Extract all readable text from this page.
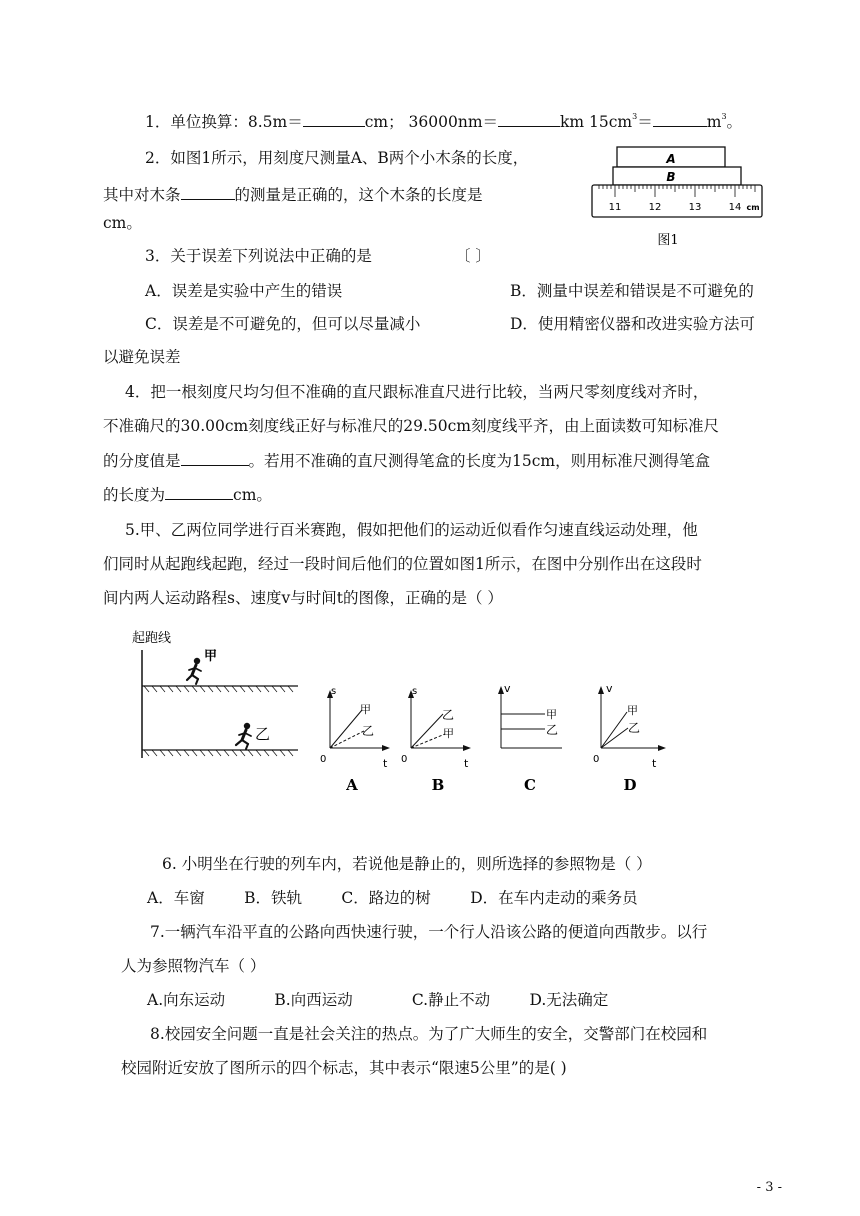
1．单位换算：8.5m＝	cm； 36000nm＝	km $15cm^3=$	$m^3$。
2．如图1所示，用刻度尺测量A、B两个小木条的长度，
其中对木条	的测量是正确的，这个木条的长度是
cm。
A
B
11	12	13	14 cm
图1
3．关于误差下列说法中正确的是	〔 〕
A．误差是实验中产生的错误	B．测量中误差和错误是不可避免的
C．误差是不可避免的，但可以尽量减小	D．使用精密仪器和改进实验方法可
以避免误差
4．把一根刻度尺均匀但不准确的直尺跟标准直尺进行比较，当两尺零刻度线对齐时，
不准确尺的30.00cm刻度线正好与标准尺的29.50cm刻度线平齐，由上面读数可知标准尺
的分度值是	。若用不准确的直尺测得笔盒的长度为15cm，则用标准尺测得笔盒
的长度为	cm。
5.甲、乙两位同学进行百米赛跑，假如把他们的运动近似看作匀速直线运动处理，他
们同时从起跑线起跑，经过一段时间后他们的位置如图1所示，在图中分别作出在这段时
间内两人运动路程s、速度v与时间t的图像，正确的是（ ）
起跑线
甲
乙
s
甲
乙
0	t
A
s
乙
甲
0	t
B
v
甲
乙
C
v
甲
乙
0	t
D
6. 小明坐在行驶的列车内，若说他是静止的，则所选择的参照物是（ ）
A．车窗        B．铁轨        C．路边的树        D．在车内走动的乘务员
7.一辆汽车沿平直的公路向西快速行驶，一个行人沿该公路的便道向西散步。以行
人为参照物汽车（ ）
A.向东运动          B.向西运动            C.静止不动        D.无法确定
8.校园安全问题一直是社会关注的热点。为了广大师生的安全，交警部门在校园和
校园附近安放了图所示的四个标志，其中表示“限速5公里”的是( )
- 3 -
